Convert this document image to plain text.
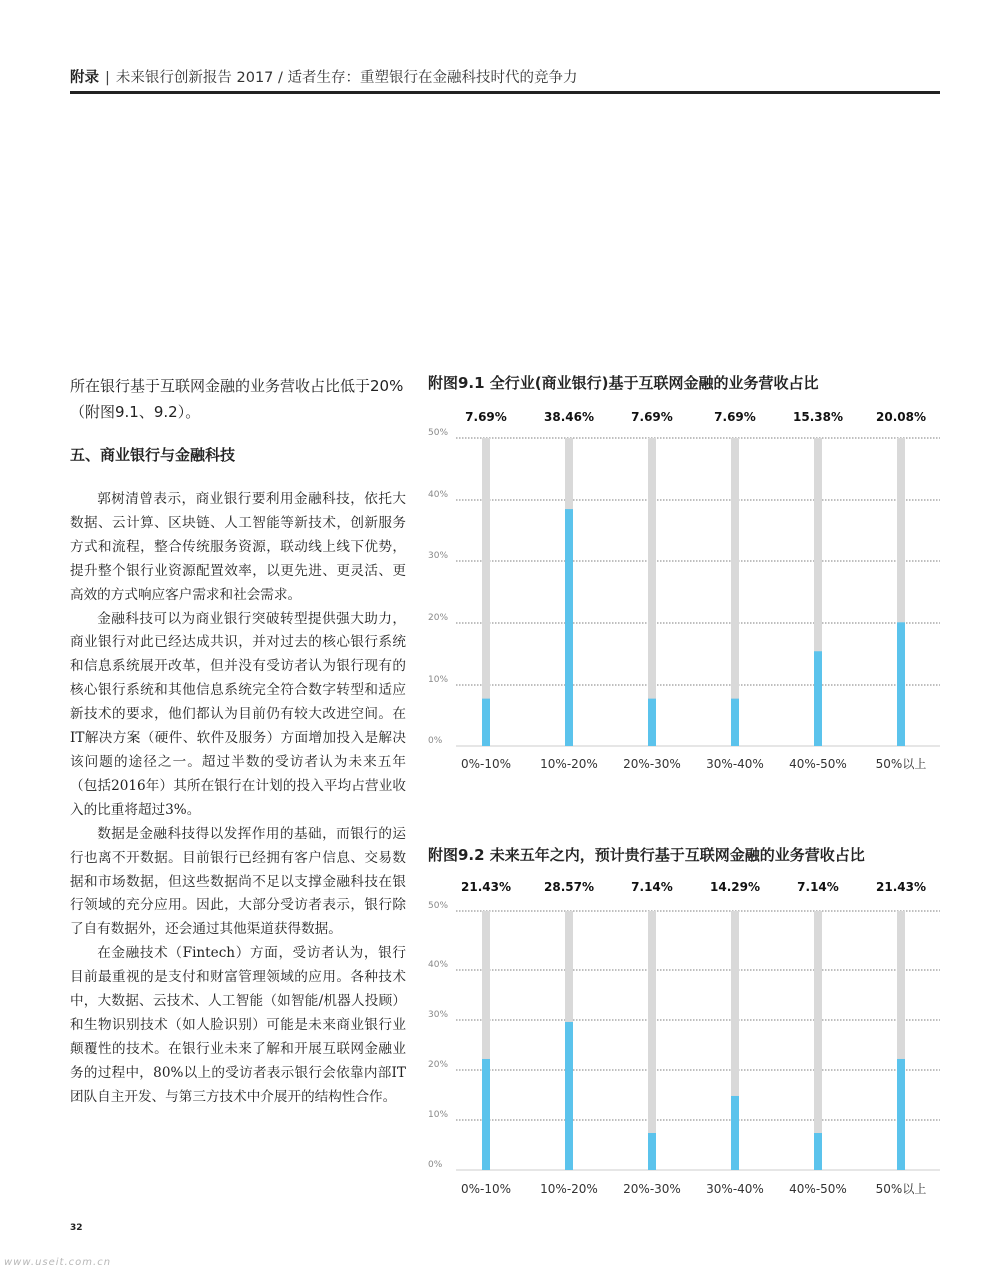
附录 | 未来银行创新报告 2017 / 适者生存：重塑银行在金融科技时代的竞争力
所在银行基于互联网金融的业务营收占比低于20%（附图9.1、9.2）。
五、商业银行与金融科技

郭树清曾表示，商业银行要利用金融科技，依托大数据、云计算、区块链、人工智能等新技术，创新服务方式和流程，整合传统服务资源，联动线上线下优势，提升整个银行业资源配置效率，以更先进、更灵活、更高效的方式响应客户需求和社会需求。

金融科技可以为商业银行突破转型提供强大助力，商业银行对此已经达成共识，并对过去的核心银行系统和信息系统展开改革，但并没有受访者认为银行现有的核心银行系统和其他信息系统完全符合数字转型和适应新技术的要求，他们都认为目前仍有较大改进空间。在IT解决方案（硬件、软件及服务）方面增加投入是解决该问题的途径之一。超过半数的受访者认为未来五年（包括2016年）其所在银行在计划的投入平均占营业收入的比重将超过3%。

数据是金融科技得以发挥作用的基础，而银行的运行也离不开数据。目前银行已经拥有客户信息、交易数据和市场数据，但这些数据尚不足以支撑金融科技在银行领域的充分应用。因此，大部分受访者表示，银行除了自有数据外，还会通过其他渠道获得数据。

在金融技术（Fintech）方面，受访者认为，银行目前最重视的是支付和财富管理领域的应用。各种技术中，大数据、云技术、人工智能（如智能/机器人投顾）和生物识别技术（如人脸识别）可能是未来商业银行业颠覆性的技术。在银行业未来了解和开展互联网金融业务的过程中，80%以上的受访者表示银行会依靠内部IT团队自主开发、与第三方技术中介展开的结构性合作。

附图9.1 全行业(商业银行)基于互联网金融的业务营收占比
0%
10%
20%
30%
40%
50%
7.69%
0%-10%
38.46%
10%-20%
7.69%
20%-30%
7.69%
30%-40%
15.38%
40%-50%
20.08%
50%以上
附图9.2 未来五年之内，预计贵行基于互联网金融的业务营收占比
0%
10%
20%
30%
40%
50%
21.43%
0%-10%
28.57%
10%-20%
7.14%
20%-30%
14.29%
30%-40%
7.14%
40%-50%
21.43%
50%以上
32
www.useit.com.cn
